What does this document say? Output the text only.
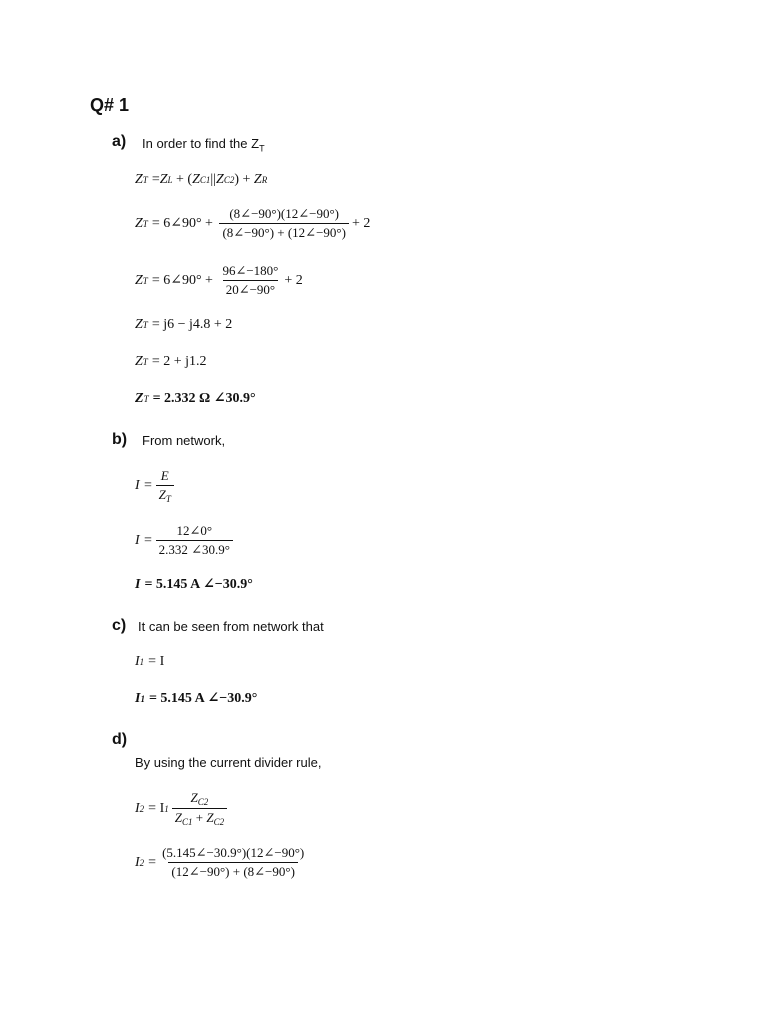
Q# 1
a) In order to find the $Z_T$
Z T = Z L + ( Z C1 || Z C2 ) + Z R
Z T = 6∠90° + $\frac{(8\angle-90^\circ)(12\angle-90^\circ)}{(8\angle-90^\circ) + (12\angle-90^\circ)} + 2$
Z T = 6∠90° + $\frac{96\angle-180^\circ}{20\angle-90^\circ} + 2$
Z T = j6 − j4.8 + 2
Z T = 2 + j1.2
Z T = 2.332 Ω ∠30.9°
b) From network,
$I = \frac{E}{Z_T}$
$I = \frac{12\angle 0^\circ}{2.332 \angle 30.9^\circ}$
I = 5.145 A ∠−30.9°
c) It can be seen from network that
I 1 = I
I 1 = 5.145 A ∠−30.9°
d)
By using the current divider rule,
I 2 = I $1 \frac{Z_{C2}}{Z_{C1} + Z_{C2}}$
I $2 = \frac{(5.145\angle-30.9^\circ)(12\angle-90^\circ)}{(12\angle-90^\circ) + (8\angle-90^\circ)}$
